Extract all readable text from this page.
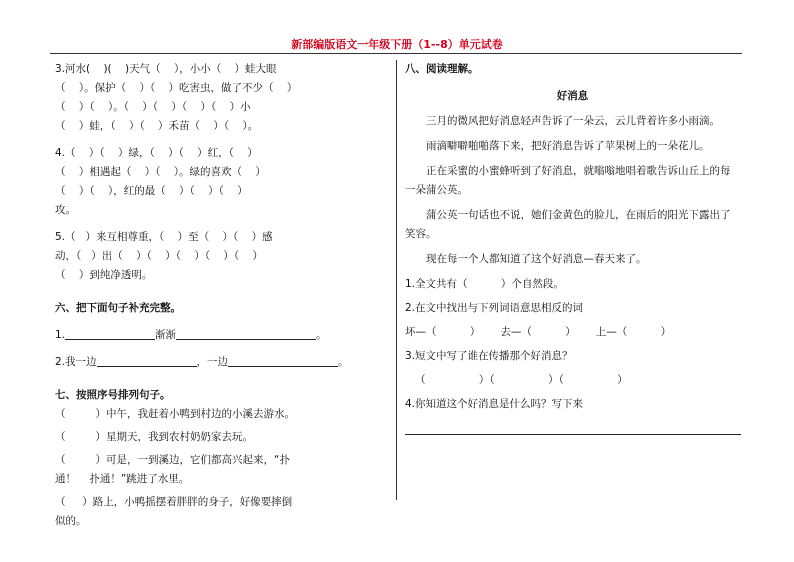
新部编版语文一年级下册（1--8）单元试卷

3.河水(    )(    )天气（    ），小小（    ）蛙大眼

（    ）。保护（    ）（    ）吃害虫，做了不少（    ）

（    ）（    ）。（    ）（    ）（    ）（    ）小

（    ）蛙，（    ）（    ）禾苗（    ）（    ）。

4.（    ）（    ）绿，（    ）（    ）红，（    ）

（    ）相遇起（    ）（    ）。绿的喜欢（    ）

（    ）（    ），红的最（    ）（    ）（    ）

攻。

5.（   ）来互相尊重，（    ）至（    ）（    ）感

动，（   ）出（    ）（    ）（    ）（    ）（    ）

（    ）到纯净透明。

六、把下面句子补充完整。

1.	渐渐	。

2.我一边	，一边	。

七、按照序号排列句子。

（         ）中午，我赶着小鸭到村边的小溪去游水。

（         ）星期天，我到农村奶奶家去玩。

（         ）可是，一到溪边，它们都高兴起来，“扑

通！    扑通！”跳进了水里。

（     ）路上，小鸭摇摆着胖胖的身子，好像要摔倒

似的。

八、阅读理解。

好消息

三月的微风把好消息轻声告诉了一朵云，云儿背着许多小雨滴。

雨滴噼噼啪啪落下来，把好消息告诉了苹果树上的一朵花儿。

正在采蜜的小蜜蜂听到了好消息，就嗡嗡地唱着歌告诉山丘上的每一朵蒲公英。

蒲公英一句话也不说，她们金黄色的脸儿，在雨后的阳光下露出了笑容。

现在每一个人都知道了这个好消息—春天来了。

1.全文共有（          ）个自然段。

2.在文中找出与下列词语意思相反的词

坏—（          ）      去—（          ）      上—（          ）

3.短文中写了谁在传播那个好消息？

（                ）（                ）（                ）

4.你知道这个好消息是什么吗？写下来
